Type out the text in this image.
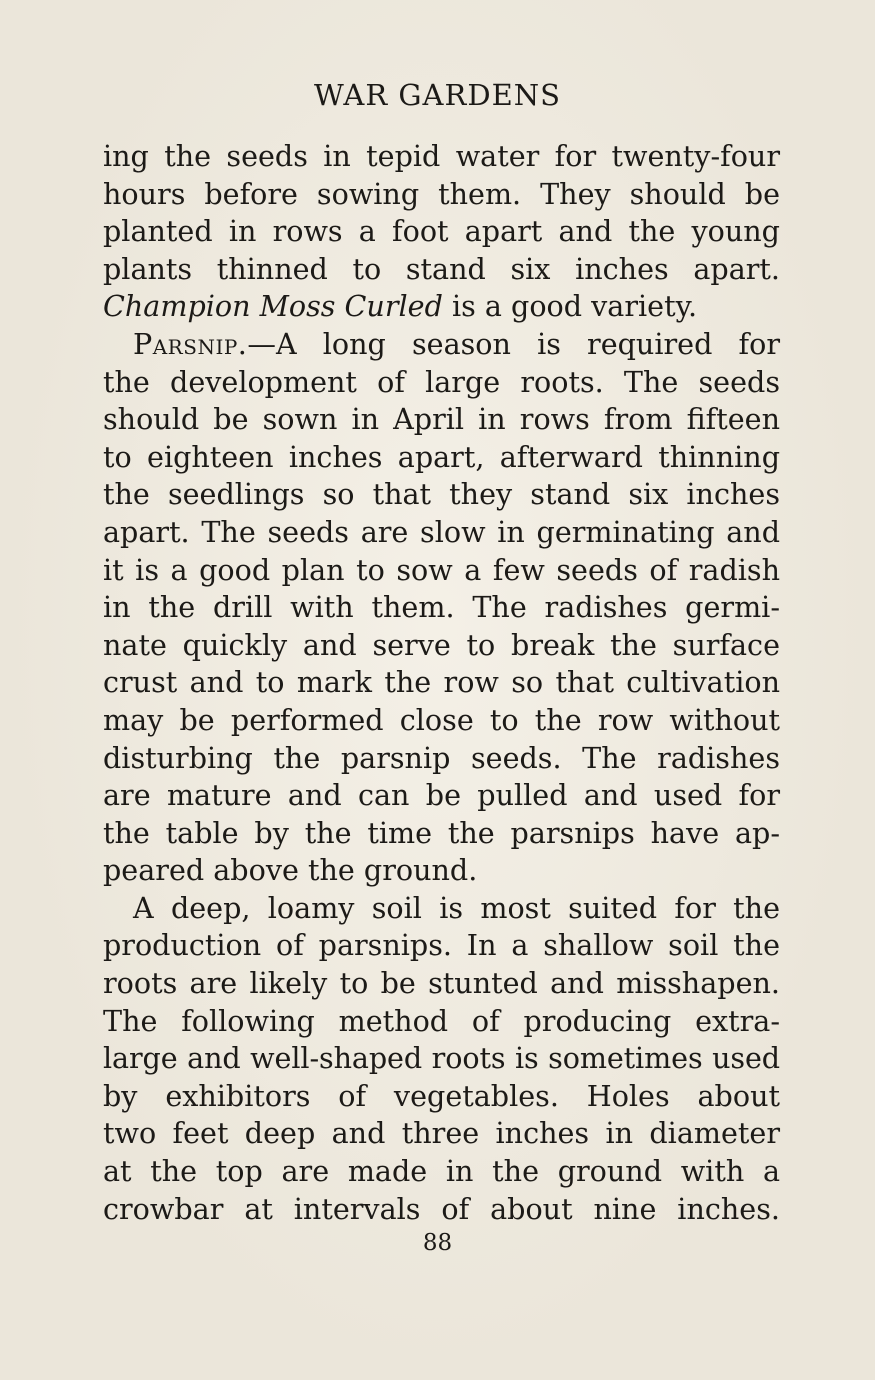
WAR GARDENS
ing the seeds in tepid water for twenty-four
hours before sowing them. They should be
planted in rows a foot apart and the young
plants thinned to stand six inches apart.
Champion Moss Curled is a good variety.
Parsnip.—A long season is required for
the development of large roots. The seeds
should be sown in April in rows from fifteen
to eighteen inches apart, afterward thinning
the seedlings so that they stand six inches
apart. The seeds are slow in germinating and
it is a good plan to sow a few seeds of radish
in the drill with them. The radishes germi-
nate quickly and serve to break the surface
crust and to mark the row so that cultivation
may be performed close to the row without
disturbing the parsnip seeds. The radishes
are mature and can be pulled and used for
the table by the time the parsnips have ap-
peared above the ground.
A deep, loamy soil is most suited for the
production of parsnips. In a shallow soil the
roots are likely to be stunted and misshapen.
The following method of producing extra-
large and well-shaped roots is sometimes used
by exhibitors of vegetables. Holes about
two feet deep and three inches in diameter
at the top are made in the ground with a
crowbar at intervals of about nine inches.
88
